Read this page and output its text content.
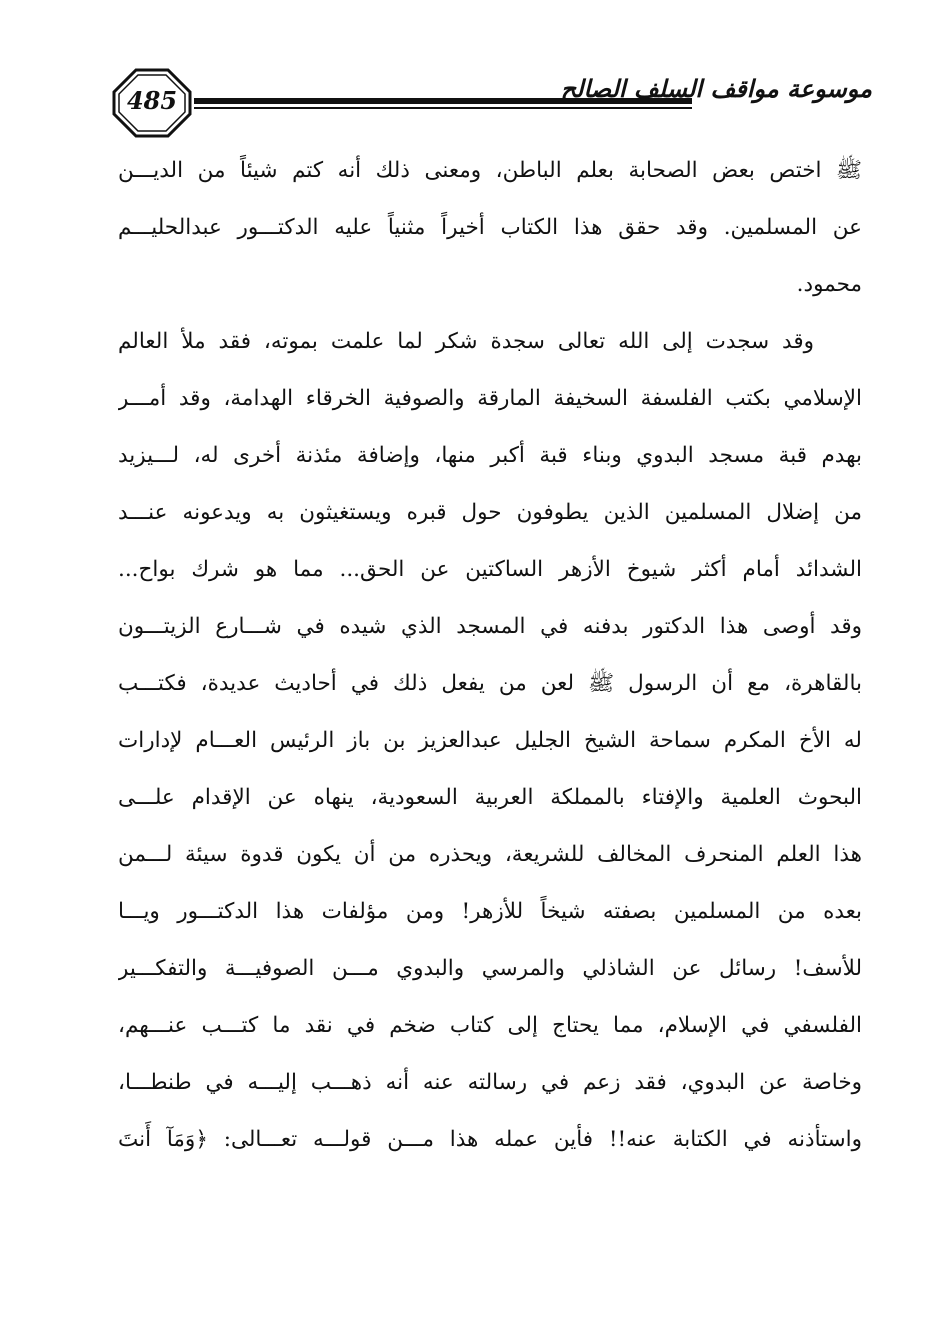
485	موسوعة مواقف السلف الصالح
ﷺ اختص بعض الصحابة بعلم الباطن، ومعنى ذلك أنه كتم شيئاً من الديـــن
عن المسلمين. وقد حقق هذا الكتاب أخيراً مثنياً عليه الدكتـــور عبدالحليـــم
محمود.
وقد سجدت إلى الله تعالى سجدة شكر لما علمت بموته، فقد ملأ العالم
الإسلامي بكتب الفلسفة السخيفة المارقة والصوفية الخرقاء الهدامة، وقد أمـــر
بهدم قبة مسجد البدوي وبناء قبة أكبر منها، وإضافة مئذنة أخرى له، لـــيزيد
من إضلال المسلمين الذين يطوفون حول قبره ويستغيثون به ويدعونه عنـــد
الشدائد أمام أكثر شيوخ الأزهر الساكتين عن الحق... مما هو شرك بواح...
وقد أوصى هذا الدكتور بدفنه في المسجد الذي شيده في شـــارع الزيتـــون
بالقاهرة، مع أن الرسول ﷺ لعن من يفعل ذلك في أحاديث عديدة، فكتـــب
له الأخ المكرم سماحة الشيخ الجليل عبدالعزيز بن باز الرئيس العـــام لإدارات
البحوث العلمية والإفتاء بالمملكة العربية السعودية، ينهاه عن الإقدام علـــى
هذا العلم المنحرف المخالف للشريعة، ويحذره من أن يكون قدوة سيئة لـــمن
بعده من المسلمين بصفته شيخاً للأزهر! ومن مؤلفات هذا الدكتـــور ويـــا
للأسف! رسائل عن الشاذلي والمرسي والبدوي مـــن الصوفيـــة والتفكـــير
الفلسفي في الإسلام، مما يحتاج إلى كتاب ضخم في نقد ما كتـــب عنـــهم،
وخاصة عن البدوي، فقد زعم في رسالته عنه أنه ذهـــب إليـــه في طنطـــا،
واستأذنه في الكتابة عنه!! فأين عمله هذا مـــن قولـــه تعـــالى: ﴿وَمَآ أَنتَ
